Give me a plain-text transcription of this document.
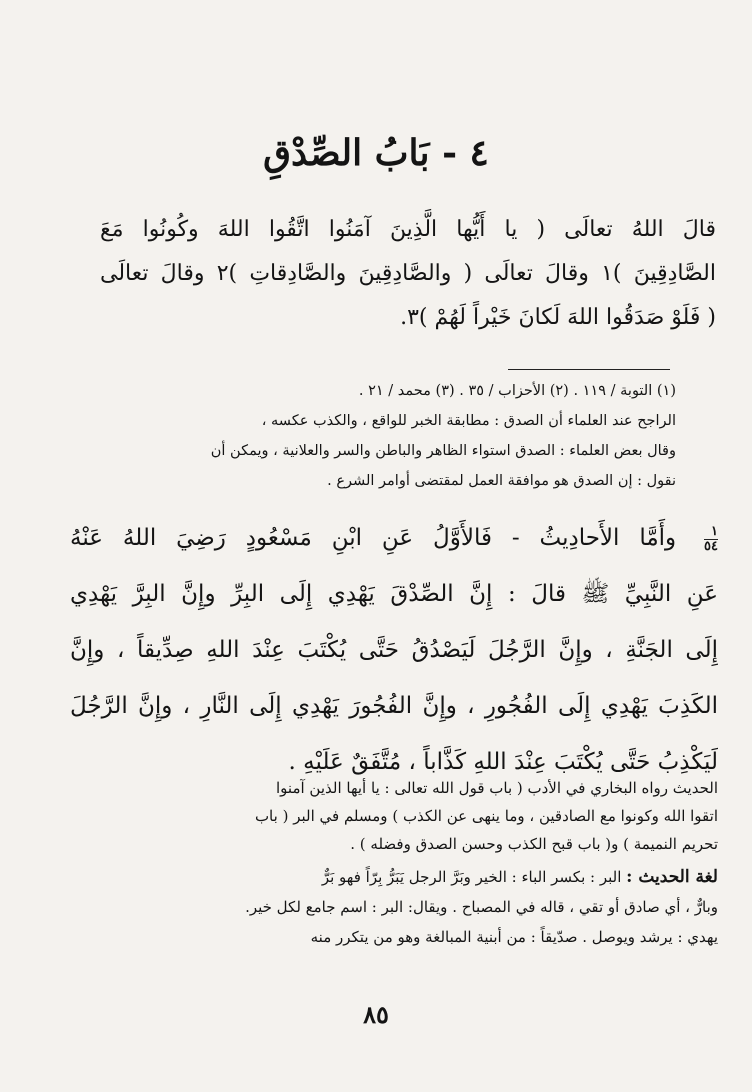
٤ - بَابُ الصِّدْقِ
قالَ اللهُ تعالَى ( يا أَيُّها الَّذِينَ آمَنُوا اتَّقُوا اللهَ وكُونُوا مَعَ
الصَّادِقِينَ )١ وقالَ تعالَى ( والصَّادِقِينَ والصَّادِقاتِ )٢ وقالَ تعالَى
( فَلَوْ صَدَقُوا اللهَ لَكانَ خَيْراً لَهُمْ )٣.
(١) التوبة / ١١٩ . (٢) الأحزاب / ٣٥ . (٣) محمد / ٢١ .
الراجح عند العلماء أن الصدق : مطابقة الخبر للواقع ، والكذب عكسه ،
وقال بعض العلماء : الصدق استواء الظاهر والباطن والسر والعلانية ، ويمكن أن
نقول : إن الصدق هو موافقة العمل لمقتضى أوامر الشرع .
١
٥٤
وأَمَّا الأَحادِيثُ - فَالأَوَّلُ عَنِ ابْنِ مَسْعُودٍ رَضِيَ اللهُ عَنْهُ
عَنِ النَّبِيِّ ﷺ قالَ : إِنَّ الصِّدْقَ يَهْدِي إِلَى البِرِّ وإِنَّ البِرَّ يَهْدِي
إِلَى الجَنَّةِ ، وإِنَّ الرَّجُلَ لَيَصْدُقُ حَتَّى يُكْتَبَ عِنْدَ اللهِ صِدِّيقاً ، وإِنَّ
الكَذِبَ يَهْدِي إِلَى الفُجُورِ ، وإِنَّ الفُجُورَ يَهْدِي إِلَى النَّارِ ، وإِنَّ الرَّجُلَ
لَيَكْذِبُ حَتَّى يُكْتَبَ عِنْدَ اللهِ كَذَّاباً ، مُتَّفَقٌ عَلَيْهِ .
الحديث رواه البخاري في الأدب ( باب قول الله تعالى : يا أيها الذين آمنوا
اتقوا الله وكونوا مع الصادقين ، وما ينهى عن الكذب ) ومسلم في البر ( باب
تحريم النميمة ) و( باب قبح الكذب وحسن الصدق وفضله ) .
لغة الحديث : البر : بكسر الباء : الخير وبَرَّ الرجل يَبَرُّ بِرّاً فهو بَرٌّ
وبارٌّ ، أي صادق أو تقي ، قاله في المصباح . ويقال: البر : اسم جامع لكل خير.
يهدي : يرشد ويوصل . صدّيقاً : من أبنية المبالغة وهو من يتكرر منه
٨٥
